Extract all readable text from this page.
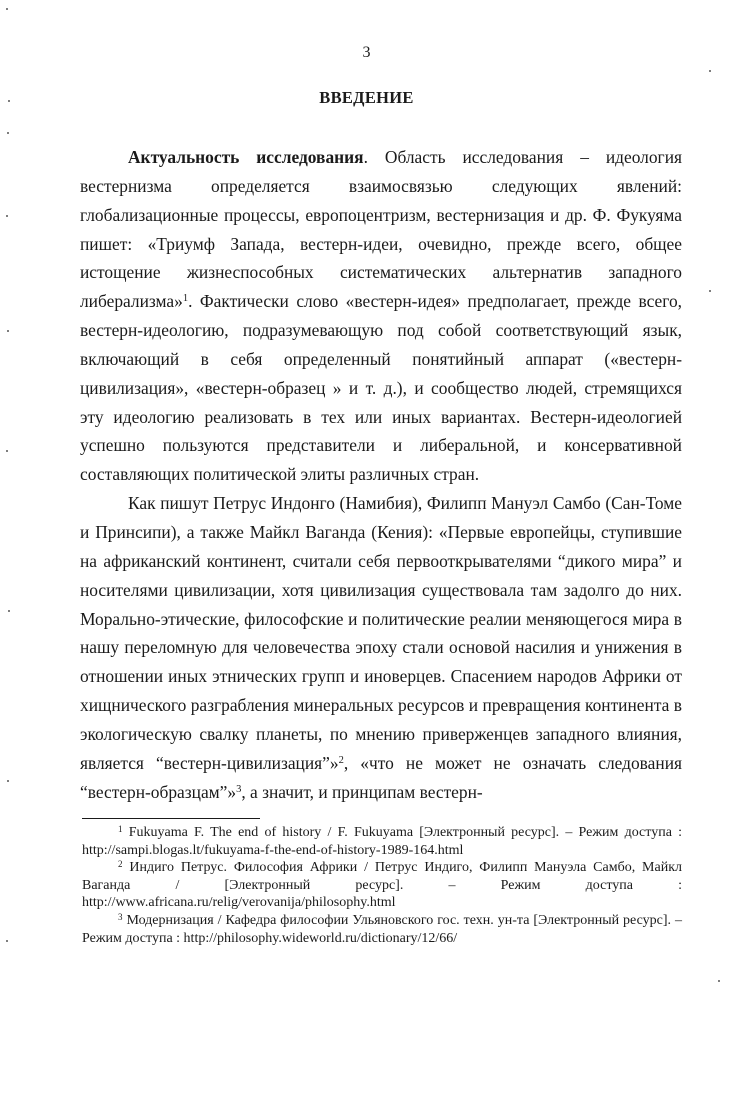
3
ВВЕДЕНИЕ

Актуальность исследования. Область исследования – идеология вестернизма определяется взаимосвязью следующих явлений: глобализационные процессы, европоцентризм, вестернизация и др. Ф. Фукуяма пишет: «Триумф Запада, вестерн-идеи, очевидно, прежде всего, общее истощение жизнеспособных систематических альтернатив западного либерализма»$^1$. Фактически слово «вестерн-идея» предполагает, прежде всего, вестерн-идеологию, подразумевающую под собой соответствующий язык, включающий в себя определенный понятийный аппарат («вестерн-цивилизация», «вестерн-образец » и т. д.), и сообщество людей, стремящихся эту идеологию реализовать в тех или иных вариантах. Вестерн-идеологией успешно пользуются представители и либеральной, и консервативной составляющих политической элиты различных стран.

Как пишут Петрус Индонго (Намибия), Филипп Мануэл Самбо (Сан-Томе и Принсипи), а также Майкл Ваганда (Кения): «Первые европейцы, ступившие на африканский континент, считали себя первооткрывателями “дикого мира” и носителями цивилизации, хотя цивилизация существовала там задолго до них. Морально-этические, философские и политические реалии меняющегося мира в нашу переломную для человечества эпоху стали основой насилия и унижения в отношении иных этнических групп и иноверцев. Спасением народов Африки от хищнического разграбления минеральных ресурсов и превращения континента в экологическую свалку планеты, по мнению приверженцев западного влияния, является “вестерн-цивилизация”»$^2$, «что не может не означать следования “вестерн-образцам”»$^3$, а значит, и принципам вестерн-

$^1$ Fukuyama F. The end of history / F. Fukuyama [Электронный ресурс]. – Режим доступа : http://sampi.blogas.lt/fukuyama-f-the-end-of-history-1989-164.html

$^2$ Индиго Петрус. Философия Африки / Петрус Индиго, Филипп Мануэла Самбо, Майкл Ваганда / [Электронный ресурс]. – Режим доступа : http://www.africana.ru/relig/verovanija/philosophy.html

$^3$ Модернизация / Кафедра философии Ульяновского гос. техн. ун-та [Электронный ресурс]. – Режим доступа : http://philosophy.wideworld.ru/dictionary/12/66/
